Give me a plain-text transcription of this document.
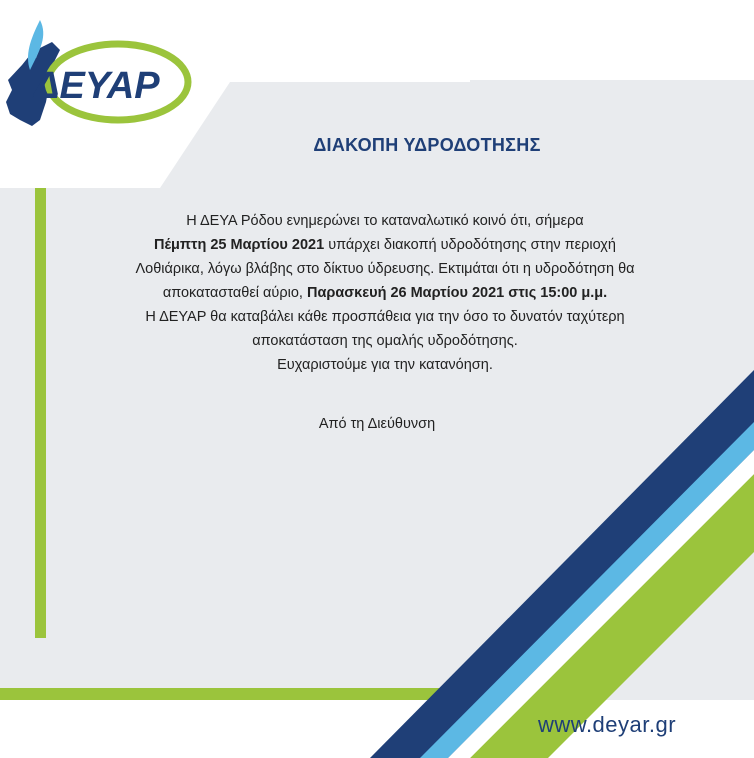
ΔΕΥΑΡ
ΔΙΑΚΟΠΗ ΥΔΡΟΔΟΤΗΣΗΣ
Η ΔΕΥΑ Ρόδου ενημερώνει το καταναλωτικό κοινό ότι, σήμερα
Πέμπτη 25 Μαρτίου 2021 υπάρχει διακοπή υδροδότησης στην περιοχή
Λοθιάρικα, λόγω βλάβης στο δίκτυο ύδρευσης. Εκτιμάται ότι η υδροδότηση θα
αποκατασταθεί αύριο, Παρασκευή 26 Μαρτίου 2021 στις 15:00 μ.μ.
Η ΔΕΥΑΡ θα καταβάλει κάθε προσπάθεια για την όσο το δυνατόν ταχύτερη
αποκατάσταση της ομαλής υδροδότησης.
Ευχαριστούμε για την κατανόηση.
Από τη Διεύθυνση
www.deyar.gr
